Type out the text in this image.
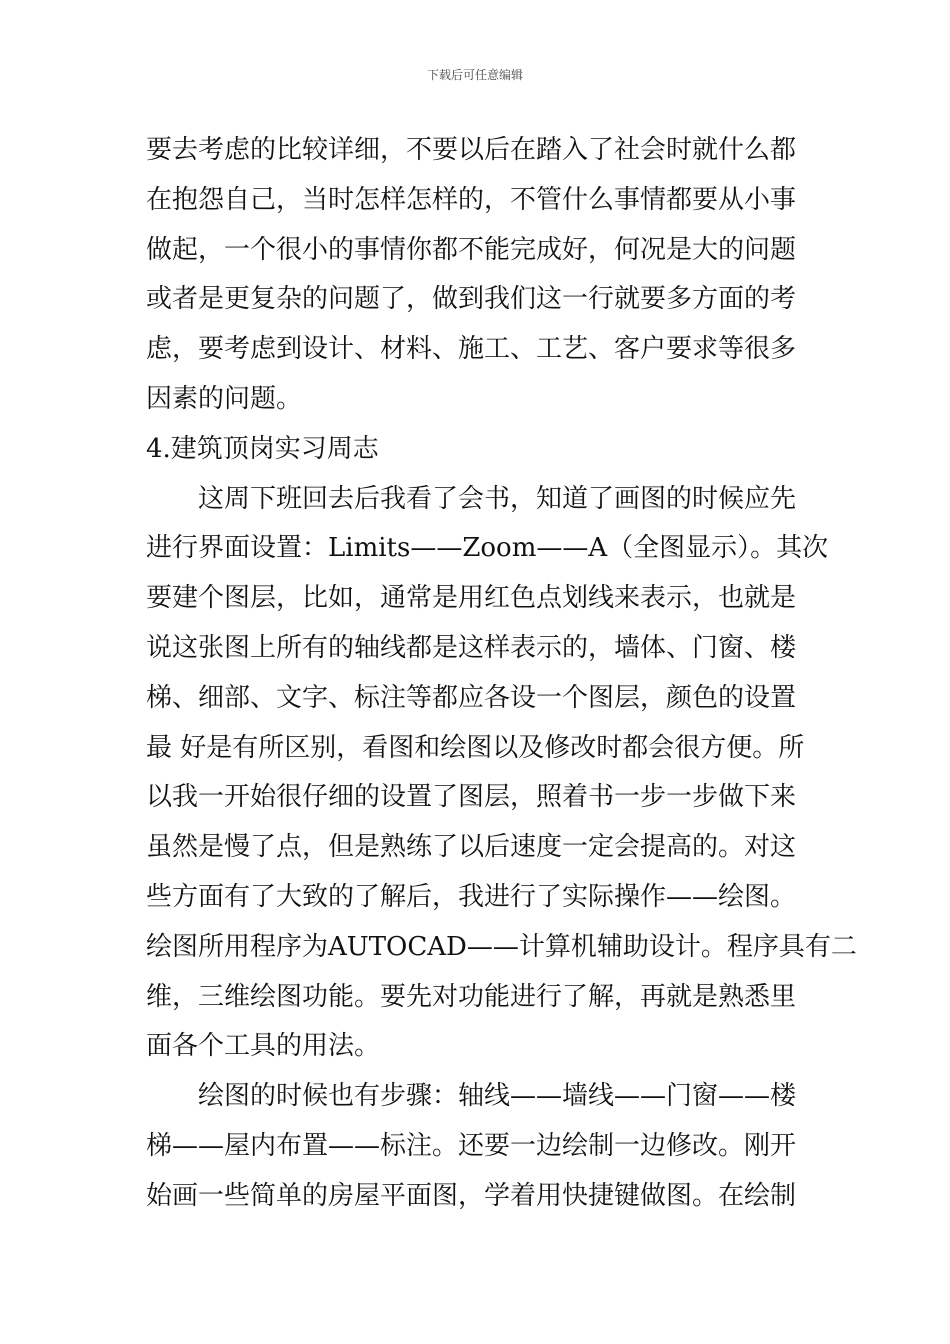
下载后可任意编辑
要去考虑的比较详细，不要以后在踏入了社会时就什么都
在抱怨自己，当时怎样怎样的，不管什么事情都要从小事
做起，一个很小的事情你都不能完成好，何况是大的问题
或者是更复杂的问题了，做到我们这一行就要多方面的考
虑，要考虑到设计、材料、施工、工艺、客户要求等很多
因素的问题。
4.建筑顶岗实习周志
这周下班回去后我看了会书，知道了画图的时候应先
进行界面设置：Limits——Zoom——A（全图显示）。其次
要建个图层，比如，通常是用红色点划线来表示，也就是
说这张图上所有的轴线都是这样表示的，墙体、门窗、楼
梯、细部、文字、标注等都应各设一个图层，颜色的设置
最 好是有所区别，看图和绘图以及修改时都会很方便。所
以我一开始很仔细的设置了图层，照着书一步一步做下来
虽然是慢了点，但是熟练了以后速度一定会提高的。对这
些方面有了大致的了解后，我进行了实际操作——绘图。
绘图所用程序为AUTOCAD——计算机辅助设计。程序具有二
维，三维绘图功能。要先对功能进行了解，再就是熟悉里
面各个工具的用法。
绘图的时候也有步骤：轴线——墙线——门窗——楼
梯——屋内布置——标注。还要一边绘制一边修改。刚开
始画一些简单的房屋平面图，学着用快捷键做图。在绘制
